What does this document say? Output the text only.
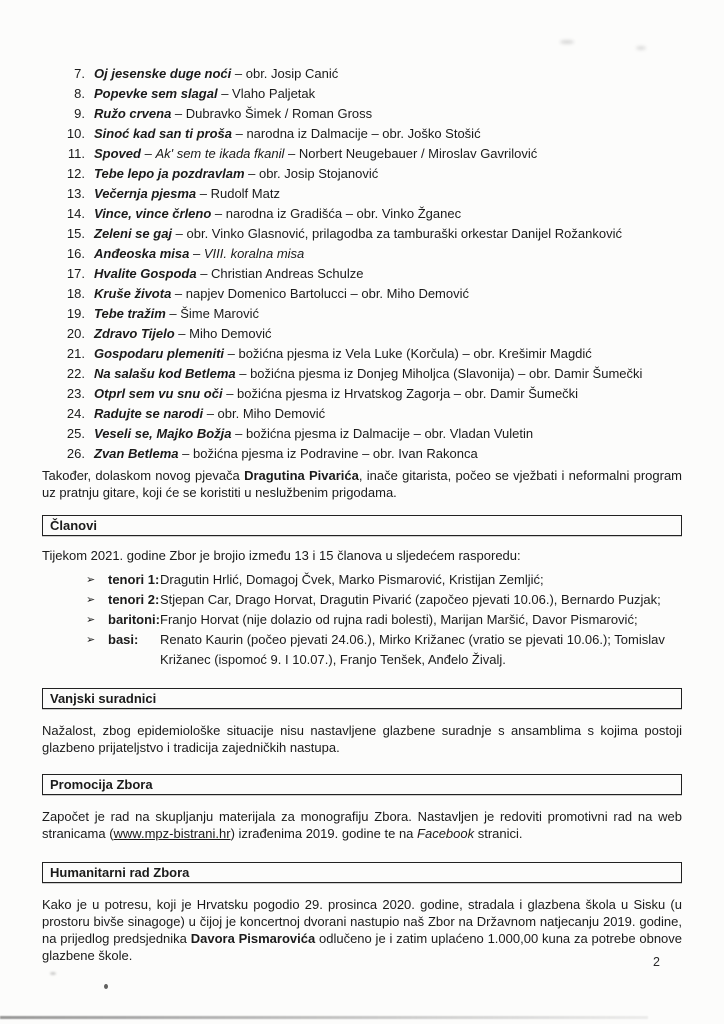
7. Oj jesenske duge noći – obr. Josip Canić
8. Popevke sem slagal – Vlaho Paljetak
9. Ružo crvena – Dubravko Šimek / Roman Gross
10. Sinoć kad san ti proša – narodna iz Dalmacije – obr. Joško Stošić
11. Spoved – Ak' sem te ikada fkanil – Norbert Neugebauer / Miroslav Gavrilović
12. Tebe lepo ja pozdravlam – obr. Josip Stojanović
13. Večernja pjesma – Rudolf Matz
14. Vince, vince črleno – narodna iz Gradišća – obr. Vinko Žganec
15. Zeleni se gaj – obr. Vinko Glasnović, prilagodba za tamburaški orkestar Danijel Rožanković
16. Anđeoska misa – VIII. koralna misa
17. Hvalite Gospoda – Christian Andreas Schulze
18. Kruše života – napjev Domenico Bartolucci – obr. Miho Demović
19. Tebe tražim – Šime Marović
20. Zdravo Tijelo – Miho Demović
21. Gospodaru plemeniti – božićna pjesma iz Vela Luke (Korčula) – obr. Krešimir Magdić
22. Na salašu kod Betlema – božićna pjesma iz Donjeg Miholjca (Slavonija) – obr. Damir Šumečki
23. Otprl sem vu snu oči – božićna pjesma iz Hrvatskog Zagorja – obr. Damir Šumečki
24. Radujte se narodi – obr. Miho Demović
25. Veseli se, Majko Božja – božićna pjesma iz Dalmacije – obr. Vladan Vuletin
26. Zvan Betlema – božićna pjesma iz Podravine – obr. Ivan Rakonca
Također, dolaskom novog pjevača Dragutina Pivarića, inače gitarista, počeo se vježbati i neformalni program uz pratnju gitare, koji će se koristiti u neslužbenim prigodama.
Članovi
Tijekom 2021. godine Zbor je brojio između 13 i 15 članova u sljedećem rasporedu:
➢ tenori 1: Dragutin Hrlić, Domagoj Čvek, Marko Pismarović, Kristijan Zemljić;
➢ tenori 2: Stjepan Car, Drago Horvat, Dragutin Pivarić (započeo pjevati 10.06.), Bernardo Puzjak;
➢ baritoni: Franjo Horvat (nije dolazio od rujna radi bolesti), Marijan Maršić, Davor Pismarović;
➢ basi:	Renato Kaurin (počeo pjevati 24.06.), Mirko Križanec (vratio se pjevati 10.06.); Tomislav Križanec (ispomoć 9. I 10.07.), Franjo Tenšek, Anđelo Živalj.
Vanjski suradnici
Nažalost, zbog epidemiološke situacije nisu nastavljene glazbene suradnje s ansamblima s kojima postoji glazbeno prijateljstvo i tradicija zajedničkih nastupa.
Promocija Zbora
Započet je rad na skupljanju materijala za monografiju Zbora. Nastavljen je redoviti promotivni rad na web stranicama (www.mpz-bistrani.hr) izrađenima 2019. godine te na Facebook stranici.
Humanitarni rad Zbora
Kako je u potresu, koji je Hrvatsku pogodio 29. prosinca 2020. godine, stradala i glazbena škola u Sisku (u prostoru bivše sinagoge) u čijoj je koncertnoj dvorani nastupio naš Zbor na Državnom natjecanju 2019. godine, na prijedlog predsjednika Davora Pismarovića odlučeno je i zatim uplaćeno 1.000,00 kuna za potrebe obnove glazbene škole.	2
